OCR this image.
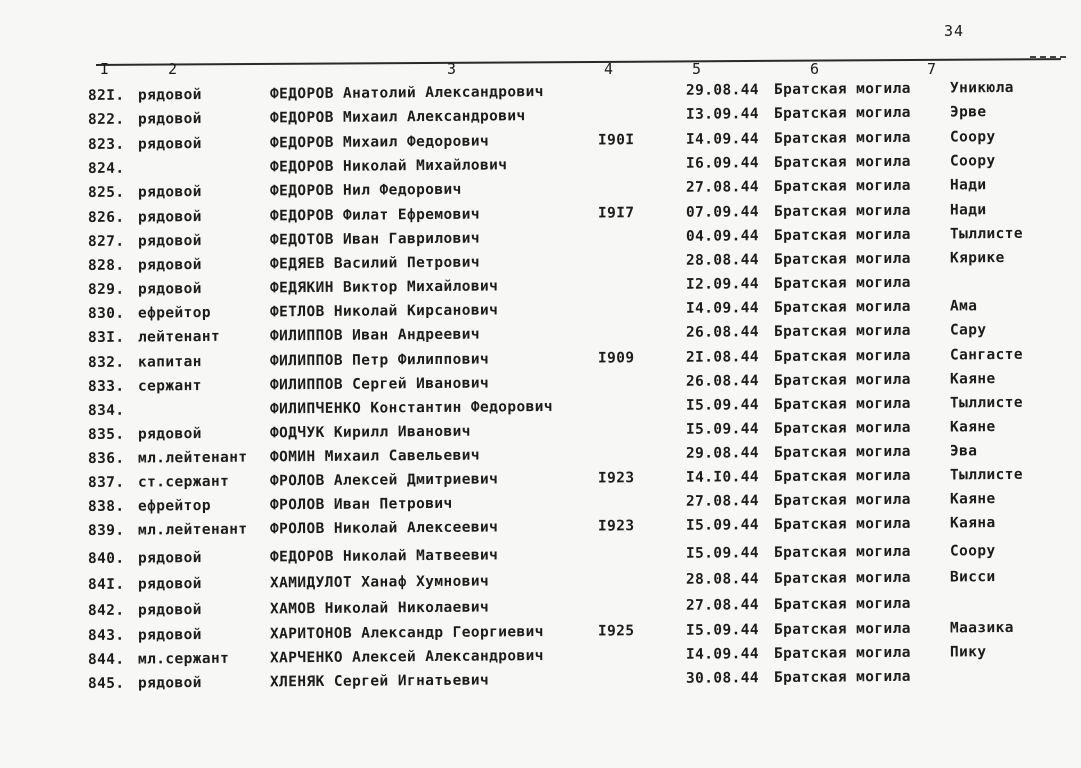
34
I	2	3	4	5	6	7
82I. рядовой	ФЕДОРОВ Анатолий Александрович	29.08.44	Братская могила	Уникюла
822. рядовой	ФЕДОРОВ Михаил Александрович	I3.09.44	Братская могила	Эрве
823. рядовой	ФЕДОРОВ Михаил Федорович	I90I	I4.09.44	Братская могила	Соору
824.	ФЕДОРОВ Николай Михайлович	I6.09.44	Братская могила	Соору
825. рядовой	ФЕДОРОВ Нил Федорович	27.08.44	Братская могила	Нади
826. рядовой	ФЕДОРОВ Филат Ефремович	I9I7	07.09.44	Братская могила	Нади
827. рядовой	ФЕДОТОВ Иван Гаврилович	04.09.44	Братская могила	Тыллисте
828. рядовой	ФЕДЯЕВ Василий Петрович	28.08.44	Братская могила	Кярике
829. рядовой	ФЕДЯКИН Виктор Михайлович	I2.09.44	Братская могила
830. ефрейтор	ФЕТЛОВ Николай Кирсанович	I4.09.44	Братская могила	Ама
83I. лейтенант	ФИЛИППОВ Иван Андреевич	26.08.44	Братская могила	Сару
832. капитан	ФИЛИППОВ Петр Филиппович	I909	2I.08.44	Братская могила	Сангасте
833. сержант	ФИЛИППОВ Сергей Иванович	26.08.44	Братская могила	Каяне
834.	ФИЛИПЧЕНКО Константин Федорович	I5.09.44	Братская могила	Тыллисте
835. рядовой	ФОДЧУК Кирилл Иванович	I5.09.44	Братская могила	Каяне
836. мл.лейтенант	ФОМИН Михаил Савельевич	29.08.44	Братская могила	Эва
837. ст.сержант	ФРОЛОВ Алексей Дмитриевич	I923	I4.I0.44	Братская могила	Тыллисте
838. ефрейтор	ФРОЛОВ Иван Петрович	27.08.44	Братская могила	Каяне
839. мл.лейтенант	ФРОЛОВ Николай Алексеевич	I923	I5.09.44	Братская могила	Каяна
840. рядовой	ФЕДОРОВ Николай Матвеевич	I5.09.44	Братская могила	Соору
84I. рядовой	ХАМИДУЛОТ Ханаф Хумнович	28.08.44	Братская могила	Висси
842. рядовой	ХАМОВ Николай Николаевич	27.08.44	Братская могила
843. рядовой	ХАРИТОНОВ Александр Георгиевич	I925	I5.09.44	Братская могила	Маазика
844. мл.сержант	ХАРЧЕНКО Алексей Александрович	I4.09.44	Братская могила	Пику
845. рядовой	ХЛЕНЯК Сергей Игнатьевич	30.08.44	Братская могила
